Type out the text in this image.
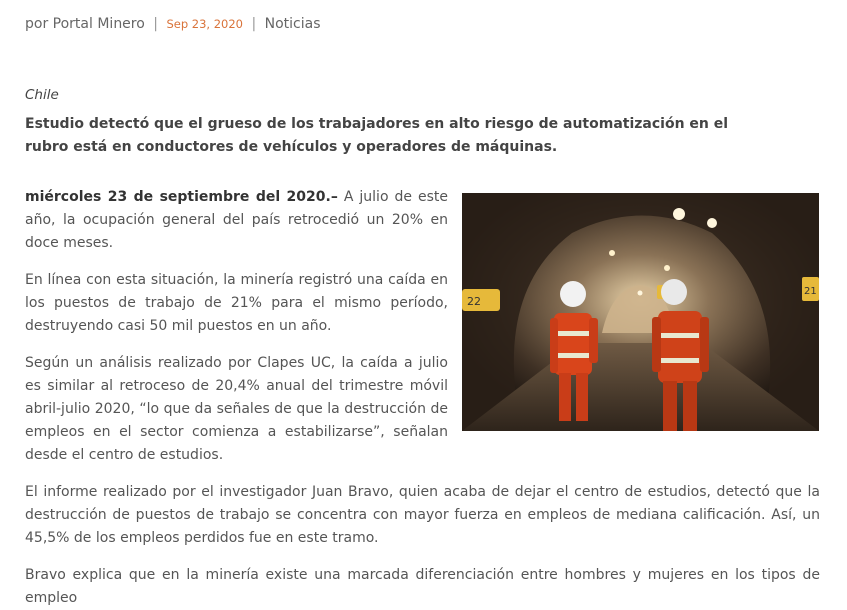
por Portal Minero | Sep 23, 2020 | Noticias
Chile
Estudio detectó que el grueso de los trabajadores en alto riesgo de automatización en el rubro está en conductores de vehículos y operadores de máquinas.

miércoles 23 de septiembre del 2020.– A julio de este año, la ocupación general del país retrocedió un 20% en doce meses.

En línea con esta situación, la minería registró una caída en los puestos de trabajo de 21% para el mismo período, destruyendo casi 50 mil puestos en un año.

Según un análisis realizado por Clapes UC, la caída a julio es similar al retroceso de 20,4% anual del trimestre móvil abril-julio 2020, “lo que da señales de que la destrucción de empleos en el sector comienza a estabilizarse”, señalan desde el centro de estudios.

22
21

El informe realizado por el investigador Juan Bravo, quien acaba de dejar el centro de estudios, detectó que la destrucción de puestos de trabajo se concentra con mayor fuerza en empleos de mediana calificación. Así, un 45,5% de los empleos perdidos fue en este tramo.

Bravo explica que en la minería existe una marcada diferenciación entre hombres y mujeres en los tipos de empleo
